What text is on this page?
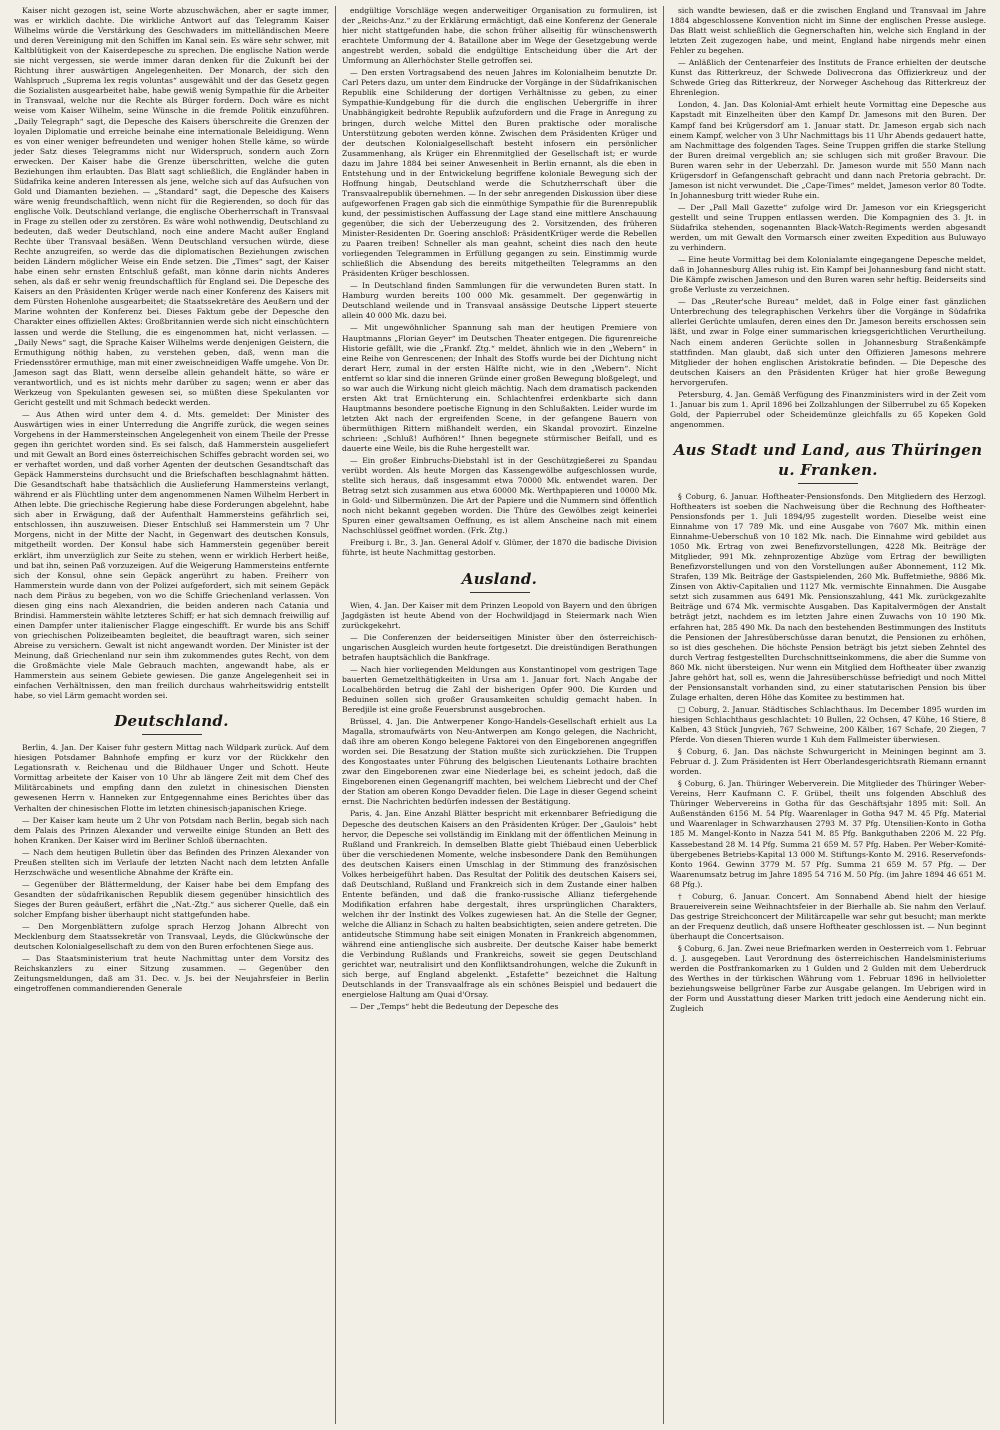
Kaiser nicht gezogen ist, seine Worte abzuschwächen, aber er sagte immer, was er wirklich dachte. Die wirkliche Antwort auf das Telegramm Kaiser Wilhelms würde die Verstärkung des Geschwaders im mittelländischen Meere und deren Vereinigung mit den Schiffen im Kanal sein. Es wäre sehr schwer, mit Kaltblütigkeit von der Kaiserdepesche zu sprechen. Die englische Nation werde sie nicht vergessen, sie werde immer daran denken für die Zukunft bei der Richtung ihrer auswärtigen Angelegenheiten. Der Monarch, der sich den Wahlspruch „Suprema lex regis voluntas“ ausgewählt und der das Gesetz gegen die Sozialisten ausgearbeitet habe, habe gewiß wenig Sympathie für die Arbeiter in Transvaal, welche nur die Rechte als Bürger fordern. Doch wäre es nicht weise vom Kaiser Wilhelm, seine Wünsche in die fremde Politik einzuführen. „Daily Telegraph“ sagt, die Depesche des Kaisers überschreite die Grenzen der loyalen Diplomatie und erreiche beinahe eine internationale Beleidigung. Wenn es von einer weniger befreundeten und weniger hohen Stelle käme, so würde jeder Satz dieses Telegramms nicht nur Widerspruch, sondern auch Zorn erwecken. Der Kaiser habe die Grenze überschritten, welche die guten Beziehungen ihm erlaubten. Das Blatt sagt schließlich, die Engländer haben in Südafrika keine anderen Interessen als jene, welche sich auf das Aufsuchen von Gold und Diamanten beziehen. — „Standard“ sagt, die Depesche des Kaisers wäre wenig freundschaftlich, wenn nicht für die Regierenden, so doch für das englische Volk. Deutschland verlange, die englische Oberherrschaft in Transvaal in Frage zu stellen oder zu zerstören. Es wäre wohl nothwendig, Deutschland zu bedeuten, daß weder Deutschland, noch eine andere Macht außer England Rechte über Transvaal besäßen. Wenn Deutschland versuchen würde, diese Rechte anzugreifen, so werde das die diplomatischen Beziehungen zwischen beiden Ländern möglicher Weise ein Ende setzen. Die „Times“ sagt, der Kaiser habe einen sehr ernsten Entschluß gefaßt, man könne darin nichts Anderes sehen, als daß er sehr wenig freundschaftlich für England sei. Die Depesche des Kaisers an den Präsidenten Krüger werde nach einer Konferenz des Kaisers mit dem Fürsten Hohenlohe ausgearbeitet; die Staatssekretäre des Aeußern und der Marine wohnten der Konferenz bei. Dieses Faktum gebe der Depesche den Charakter eines offiziellen Aktes: Großbritannien werde sich nicht einschüchtern lassen und werde die Stellung, die es eingenommen hat, nicht verlassen. — „Daily News“ sagt, die Sprache Kaiser Wilhelms werde denjenigen Geistern, die Ermuthigung nöthig haben, zu verstehen geben, daß, wenn man die Friedensstörer ermuthige, man mit einer zweischneidigen Waffe umgehe. Von Dr. Jameson sagt das Blatt, wenn derselbe allein gehandelt hätte, so wäre er verantwortlich, und es ist nichts mehr darüber zu sagen; wenn er aber das Werkzeug von Spekulanten gewesen sei, so müßten diese Spekulanten vor Gericht gestellt und mit Schmach bedeckt werden.

— Aus Athen wird unter dem 4. d. Mts. gemeldet: Der Minister des Auswärtigen wies in einer Unterredung die Angriffe zurück, die wegen seines Vorgehens in der Hammersteinschen Angelegenheit von einem Theile der Presse gegen ihn gerichtet worden sind. Es sei falsch, daß Hammerstein ausgeliefert und mit Gewalt an Bord eines österreichischen Schiffes gebracht worden sei, wo er verhaftet worden, und daß vorher Agenten der deutschen Gesandtschaft das Gepäck Hammersteins durchsucht und die Briefschaften beschlagnahmt hätten. Die Gesandtschaft habe thatsächlich die Auslieferung Hammersteins verlangt, während er als Flüchtling unter dem angenommenen Namen Wilhelm Herbert in Athen lebte. Die griechische Regierung habe diese Forderungen abgelehnt, habe sich aber in Erwägung, daß der Aufenthalt Hammersteins gefährlich sei, entschlossen, ihn auszuweisen. Dieser Entschluß sei Hammerstein um 7 Uhr Morgens, nicht in der Mitte der Nacht, in Gegenwart des deutschen Konsuls, mitgetheilt worden. Der Konsul habe sich Hammerstein gegenüber bereit erklärt, ihm unverzüglich zur Seite zu stehen, wenn er wirklich Herbert heiße, und bat ihn, seinen Paß vorzuzeigen. Auf die Weigerung Hammersteins entfernte sich der Konsul, ohne sein Gepäck angerührt zu haben. Freiherr von Hammerstein wurde dann von der Polizei aufgefordert, sich mit seinem Gepäck nach dem Piräus zu begeben, von wo die Schiffe Griechenland verlassen. Von diesen ging eins nach Alexandrien, die beiden anderen nach Catania und Brindisi. Hammerstein wählte letzteres Schiff; er hat sich demnach freiwillig auf einen Dampfer unter italienischer Flagge eingeschifft. Er wurde bis ans Schiff von griechischen Polizeibeamten begleitet, die beauftragt waren, sich seiner Abreise zu versichern. Gewalt ist nicht angewandt worden. Der Minister ist der Meinung, daß Griechenland nur sein ihm zukommendes gutes Recht, von dem die Großmächte viele Male Gebrauch machten, angewandt habe, als er Hammerstein aus seinem Gebiete gewiesen. Die ganze Angelegenheit sei in einfachen Verhältnissen, den man freilich durchaus wahrheitswidrig entstellt habe, so viel Lärm gemacht worden sei.

Deutschland.

Berlin, 4. Jan. Der Kaiser fuhr gestern Mittag nach Wildpark zurück. Auf dem hiesigen Potsdamer Bahnhofe empfing er kurz vor der Rückkehr den Legationsrath v. Reichenau und die Bildhauer Unger und Schott. Heute Vormittag arbeitete der Kaiser von 10 Uhr ab längere Zeit mit dem Chef des Militärcabinets und empfing dann den zuletzt in chinesischen Diensten gewesenen Herrn v. Hanneken zur Entgegennahme eines Berichtes über das Verhalten der chinesischen Flotte im letzten chinesisch-japanischen Kriege.

— Der Kaiser kam heute um 2 Uhr von Potsdam nach Berlin, begab sich nach dem Palais des Prinzen Alexander und verweilte einige Stunden an Bett des hohen Kranken. Der Kaiser wird im Berliner Schloß übernachten.

— Nach dem heutigen Bulletin über das Befinden des Prinzen Alexander von Preußen stellten sich im Verlaufe der letzten Nacht nach dem letzten Anfalle Herzschwäche und wesentliche Abnahme der Kräfte ein.

— Gegenüber der Blättermeldung, der Kaiser habe bei dem Empfang des Gesandten der südafrikanischen Republik diesem gegenüber hinsichtlich des Sieges der Buren geäußert, erfährt die „Nat.-Ztg.“ aus sicherer Quelle, daß ein solcher Empfang bisher überhaupt nicht stattgefunden habe.

— Den Morgenblättern zufolge sprach Herzog Johann Albrecht von Mecklenburg dem Staatssekretär von Transvaal, Leyds, die Glückwünsche der deutschen Kolonialgesellschaft zu dem von den Buren erfochtenen Siege aus.

— Das Staatsministerium trat heute Nachmittag unter dem Vorsitz des Reichskanzlers zu einer Sitzung zusammen. — Gegenüber den Zeitungsmeldungen, daß am 31. Dec. v. Js. bei der Neujahrsfeier in Berlin eingetroffenen commandierenden Generale

endgültige Vorschläge wegen anderweitiger Organisation zu formuliren, ist der „Reichs-Anz.“ zu der Erklärung ermächtigt, daß eine Konferenz der Generale hier nicht stattgefunden habe, die schon früher allseitig für wünschenswerth erachtete Umformung der 4. Bataillone aber im Wege der Gesetzgebung werde angestrebt werden, sobald die endgültige Entscheidung über die Art der Umformung an Allerhöchster Stelle getroffen sei.

— Den ersten Vortragsabend des neuen Jahres im Kolonialheim benutzte Dr. Carl Peters dazu, um unter dem Eindrucke der Vorgänge in der Südafrikanischen Republik eine Schilderung der dortigen Verhältnisse zu geben, zu einer Sympathie-Kundgebung für die durch die englischen Uebergriffe in ihrer Unabhängigkeit bedrohte Republik aufzufordern und die Frage in Anregung zu bringen, durch welche Mittel den Buren praktische oder moralische Unterstützung geboten werden könne. Zwischen dem Präsidenten Krüger und der deutschen Kolonialgesellschaft besteht infosern ein persönlicher Zusammenhang, als Krüger ein Ehrenmitglied der Gesellschaft ist; er wurde dazu im Jahre 1884 bei seiner Anwesenheit in Berlin ernannt, als die eben in Entstehung und in der Entwickelung begriffene koloniale Bewegung sich der Hoffnung hingab, Deutschland werde die Schutzherrschaft über die Transvaalrepublik übernehmen. — In der sehr anregenden Diskussion über diese aufgeworfenen Fragen gab sich die einmüthige Sympathie für die Burenrepublik kund, der pessimistischen Auffassung der Lage stand eine mittlere Anschauung gegenüber, die sich der Ueberzeugung des 2. Vorsitzenden, des früheren Minister-Residenten Dr. Goering anschloß: PräsidentKrüger werde die Rebellen zu Paaren treiben! Schneller als man geahnt, scheint dies nach den heute vorliegenden Telegrammen in Erfüllung gegangen zu sein. Einstimmig wurde schließlich die Absendung des bereits mitgetheilten Telegramms an den Präsidenten Krüger beschlossen.

— In Deutschland finden Sammlungen für die verwundeten Buren statt. In Hamburg wurden bereits 100 000 Mk. gesammelt. Der gegenwärtig in Deutschland weilende und in Transvaal ansässige Deutsche Lippert steuerte allein 40 000 Mk. dazu bei.

— Mit ungewöhnlicher Spannung sah man der heutigen Premiere von Hauptmanns „Florian Geyer“ im Deutschen Theater entgegen. Die figurenreiche Historie gefällt, wie die „Frankf. Ztg.“ meldet, ähnlich wie in den „Webern“ in eine Reihe von Genrescenen; der Inhalt des Stoffs wurde bei der Dichtung nicht derart Herr, zumal in der ersten Hälfte nicht, wie in den „Webern“. Nicht entfernt so klar sind die inneren Gründe einer großen Bewegung bloßgelegt, und so war auch die Wirkung nicht gleich mächtig. Nach dem dramatisch packenden ersten Akt trat Ernüchterung ein. Schlachtenfrei erdenkbarte sich dann Hauptmanns besondere poetische Eignung in den Schlußakten. Leider wurde im letzten Akt nach der ergreifenden Scene, in der gefangene Bauern von übermüthigen Rittern mißhandelt werden, ein Skandal provozirt. Einzelne schrieen: „Schluß! Aufhören!“ Ihnen begegnete stürmischer Beifall, und es dauerte eine Weile, bis die Ruhe hergestellt war.

— Ein großer Einbruchs-Diebstahl ist in der Geschützgießerei zu Spandau verübt worden. Als heute Morgen das Kassengewölbe aufgeschlossen wurde, stellte sich heraus, daß insgesammt etwa 70000 Mk. entwendet waren. Der Betrag setzt sich zusammen aus etwa 60000 Mk. Werthpapieren und 10000 Mk. in Gold- und Silbermünzen. Die Art der Papiere und die Nummern sind öffentlich noch nicht bekannt gegeben worden. Die Thüre des Gewölbes zeigt keinerlei Spuren einer gewaltsamen Oeffnung, es ist allem Anscheine nach mit einem Nachschlüssel geöffnet worden. (Frk. Ztg.)

Freiburg i. Br., 3. Jan. General Adolf v. Glümer, der 1870 die badische Division führte, ist heute Nachmittag gestorben.

Ausland.

Wien, 4. Jan. Der Kaiser mit dem Prinzen Leopold von Bayern und den übrigen Jagdgästen ist heute Abend von der Hochwildjagd in Steiermark nach Wien zurückgekehrt.

— Die Conferenzen der beiderseitigen Minister über den österreichisch-ungarischen Ausgleich wurden heute fortgesetzt. Die dreistündigen Berathungen betrafen hauptsächlich die Bankfrage.

— Nach hier vorliegenden Meldungen aus Konstantinopel vom gestrigen Tage bauerten Gemetzelthätigkeiten in Ursa am 1. Januar fort. Nach Angabe der Localbehörden betrug die Zahl der bisherigen Opfer 900. Die Kurden und Beduinen sollen sich großer Grausamkeiten schuldig gemacht haben. In Beredjile ist eine große Feuersbrunst ausgebrochen.

Brüssel, 4. Jan. Die Antwerpener Kongo-Handels-Gesellschaft erhielt aus La Magalla, stromaufwärts von Neu-Antwerpen am Kongo gelegen, die Nachricht, daß ihre am oberen Kongo belegene Faktorei von den Eingeborenen angegriffen worden sei. Die Besatzung der Station mußte sich zurückziehen. Die Truppen des Kongostaates unter Führung des belgischen Lieutenants Lothaire brachten zwar den Eingeborenen zwar eine Niederlage bei, es scheint jedoch, daß die Eingeborenen einen Gegenangriff machten, bei welchem Liebrecht und der Chef der Station am oberen Kongo Devadder fielen. Die Lage in dieser Gegend scheint ernst. Die Nachrichten bedürfen indessen der Bestätigung.

Paris, 4. Jan. Eine Anzahl Blätter bespricht mit erkennbarer Befriedigung die Depesche des deutschen Kaisers an den Präsidenten Krüger. Der „Gaulois“ hebt hervor, die Depesche sei vollständig im Einklang mit der öffentlichen Meinung in Rußland und Frankreich. In demselben Blatte giebt Thiébaud einen Ueberblick über die verschiedenen Momente, welche insbesondere Dank den Bemühungen des deutschen Kaisers einen Umschlag in der Stimmung des französischen Volkes herbeigeführt haben. Das Resultat der Politik des deutschen Kaisers sei, daß Deutschland, Rußland und Frankreich sich in dem Zustande einer halben Entente befänden, und daß die franko-russische Allianz tiefergehende Modifikation erfahren habe dergestalt, ihres ursprünglichen Charakters, welchen ihr der Instinkt des Volkes zugewiesen hat. An die Stelle der Gegner, welche die Allianz in Schach zu halten beabsichtigten, seien andere getreten. Die antideutsche Stimmung habe seit einigen Monaten in Frankreich abgenommen, während eine antienglische sich ausbreite. Der deutsche Kaiser habe bemerkt die Verbindung Rußlands und Frankreichs, soweit sie gegen Deutschland gerichtet war, neutralisirt und den Konfliktsandrohungen, welche die Zukunft in sich berge, auf England abgelenkt. „Estafette“ bezeichnet die Haltung Deutschlands in der Transvaalfrage als ein schönes Beispiel und bedauert die energielose Haltung am Quai d'Orsay.

— Der „Temps“ hebt die Bedeutung der Depesche des

sich wandte bewiesen, daß er die zwischen England und Transvaal im Jahre 1884 abgeschlossene Konvention nicht im Sinne der englischen Presse auslege. Das Blatt weist schließlich die Gegnerschaften hin, welche sich England in der letzten Zeit zugezogen habe, und meint, England habe nirgends mehr einen Fehler zu begehen.

— Anläßlich der Centenarfeier des Instituts de France erhielten der deutsche Kunst das Ritterkreuz, der Schwede Dolivecrona das Offizierkreuz und der Schwede Grieg das Ritterkreuz, der Norweger Aschehoug das Ritterkreuz der Ehrenlegion.

London, 4. Jan. Das Kolonial-Amt erhielt heute Vormittag eine Depesche aus Kapstadt mit Einzelheiten über den Kampf Dr. Jamesons mit den Buren. Der Kampf fand bei Krügersdorf am 1. Januar statt. Dr. Jameson ergab sich nach einem Kampf, welcher von 3 Uhr Nachmittags bis 11 Uhr Abends gedauert hatte, am Nachmittage des folgenden Tages. Seine Truppen griffen die starke Stellung der Buren dreimal vergeblich an; sie schlugen sich mit großer Bravour. Die Buren waren sehr in der Ueberzahl. Dr. Jameson wurde mit 550 Mann nach Krügersdorf in Gefangenschaft gebracht und dann nach Pretoria gebracht. Dr. Jameson ist nicht verwundet. Die „Cape-Times“ meldet, Jameson verlor 80 Todte. In Johannesburg tritt wieder Ruhe ein.

— Der „Pall Mall Gazette“ zufolge wird Dr. Jameson vor ein Kriegsgericht gestellt und seine Truppen entlassen werden. Die Kompagnien des 3. Jt. in Südafrika stehenden, sogenannten Black-Watch-Regiments werden abgesandt werden, um mit Gewalt den Vormarsch einer zweiten Expedition aus Buluwayo zu verhindern.

— Eine heute Vormittag bei dem Kolonialamte eingegangene Depesche meldet, daß in Johannesburg Alles ruhig ist. Ein Kampf bei Johannesburg fand nicht statt. Die Kämpfe zwischen Jameson und den Buren waren sehr heftig. Beiderseits sind große Verluste zu verzeichnen.

— Das „Reuter'sche Bureau“ meldet, daß in Folge einer fast gänzlichen Unterbrechung des telegraphischen Verkehrs über die Vorgänge in Südafrika allerlei Gerüchte umlaufen, deren eines den Dr. Jameson bereits erschossen sein läßt, und zwar in Folge einer summarischen kriegsgerichtlichen Verurtheilung. Nach einem anderen Gerüchte sollen in Johannesburg Straßenkämpfe stattfinden. Man glaubt, daß sich unter den Offizieren Jamesons mehrere Mitglieder der hohen englischen Aristokratie befinden. — Die Depesche des deutschen Kaisers an den Präsidenten Krüger hat hier große Bewegung hervorgerufen.

Petersburg, 4. Jan. Gemäß Verfügung des Finanzministers wird in der Zeit vom 1. Januar bis zum 1. April 1896 bei Zollzahlungen der Silberrubel zu 65 Kopeken Gold, der Papierrubel oder Scheidemünze gleichfalls zu 65 Kopeken Gold angenommen.

Aus Stadt und Land, aus Thüringen u. Franken.

§ Coburg, 6. Januar. Hoftheater-Pensionsfonds. Den Mitgliedern des Herzogl. Hoftheaters ist soeben die Nachweisung über die Rechnung des Hoftheater-Pensionsfonds per 1. Juli 1894/95 zugestellt worden. Dieselbe weist eine Einnahme von 17 789 Mk. und eine Ausgabe von 7607 Mk. mithin einen Einnahme-Ueberschuß von 10 182 Mk. nach. Die Einnahme wird gebildet aus 1050 Mk. Ertrag von zwei Benefizvorstellungen, 4228 Mk. Beiträge der Mitglieder, 991 Mk. zehnprozentige Abzüge vom Ertrag der bewilligten Benefizvorstellungen und von den Vorstellungen außer Abonnement, 112 Mk. Strafen, 139 Mk. Beiträge der Gastspielenden, 260 Mk. Buffetmiethe, 9886 Mk. Zinsen von Aktiv-Capitalien und 1127 Mk. vermischte Einnahmen. Die Ausgabe setzt sich zusammen aus 6491 Mk. Pensionszahlung, 441 Mk. zurückgezahlte Beiträge und 674 Mk. vermischte Ausgaben. Das Kapitalvermögen der Anstalt beträgt jetzt, nachdem es im letzten Jahre einen Zuwachs von 10 190 Mk. erfahren hat, 285 490 Mk. Da nach den bestehenden Bestimmungen des Instituts die Pensionen der Jahresüberschüsse daran benutzt, die Pensionen zu erhöhen, so ist dies geschehen. Die höchste Pension beträgt bis jetzt sieben Zehntel des durch Vertrag festgestellten Durchschnittseinkommens, die aber die Summe von 860 Mk. nicht übersteigen. Nur wenn ein Mitglied dem Hoftheater über zwanzig Jahre gehört hat, soll es, wenn die Jahresüberschüsse befriedigt und noch Mittel der Pensionsanstalt vorhanden sind, zu einer statutarischen Pension bis über Zulage erhalten, deren Höhe das Komitee zu bestimmen hat.

□ Coburg, 2. Januar. Städtisches Schlachthaus. Im December 1895 wurden im hiesigen Schlachthaus geschlachtet: 10 Bullen, 22 Ochsen, 47 Kühe, 16 Stiere, 8 Kalben, 43 Stück Jungvieh, 767 Schweine, 200 Kälber, 167 Schafe, 20 Ziegen, 7 Pferde. Von diesen Thieren wurde 1 Kuh dem Fallmeister überwiesen.

§ Coburg, 6. Jan. Das nächste Schwurgericht in Meiningen beginnt am 3. Februar d. J. Zum Präsidenten ist Herr Oberlandesgerichtsrath Riemann ernannt worden.

§ Coburg, 6. Jan. Thüringer Weberverein. Die Mitglieder des Thüringer Weber-Vereins, Herr Kaufmann C. F. Grübel, theilt uns folgenden Abschluß des Thüringer Webervereins in Gotha für das Geschäftsjahr 1895 mit: Soll. An Außenständen 6156 M. 54 Pfg. Waarenlager in Gotha 947 M. 45 Pfg. Material und Waarenlager in Schwarzhausen 2793 M. 37 Pfg. Utensilien-Konto in Gotha 185 M. Mangel-Konto in Nazza 541 M. 85 Pfg. Bankguthaben 2206 M. 22 Pfg. Kassebestand 28 M. 14 Pfg. Summa 21 659 M. 57 Pfg. Haben. Per Weber-Komité-übergebenes Betriebs-Kapital 13 000 M. Stiftungs-Konto M. 2916. Reservefonds-Konto 1964. Gewinn 3779 M. 57 Pfg. Summa 21 659 M. 57 Pfg. — Der Waarenumsatz betrug im Jahre 1895 54 716 M. 50 Pfg. (im Jahre 1894 46 651 M. 68 Pfg.).

† Coburg, 6. Januar. Concert. Am Sonnabend Abend hielt der hiesige Brauereiverein seine Weihnachtsfeier in der Bierhalle ab. Sie nahm den Verlauf. Das gestrige Streichconcert der Militärcapelle war sehr gut besucht; man merkte an der Frequenz deutlich, daß unsere Hoftheater geschlossen ist. — Nun beginnt überhaupt die Concertsaison.

§ Coburg, 6. Jan. Zwei neue Briefmarken werden in Oesterreich vom 1. Februar d. J. ausgegeben. Laut Verordnung des österreichischen Handelsministeriums werden die Postfrankomarken zu 1 Gulden und 2 Gulden mit dem Ueberdruck des Werthes in der türkischen Währung vom 1. Februar 1896 in hellvioletter beziehungsweise bellgrüner Farbe zur Ausgabe gelangen. Im Uebrigen wird in der Form und Ausstattung dieser Marken tritt jedoch eine Aenderung nicht ein. Zugleich
